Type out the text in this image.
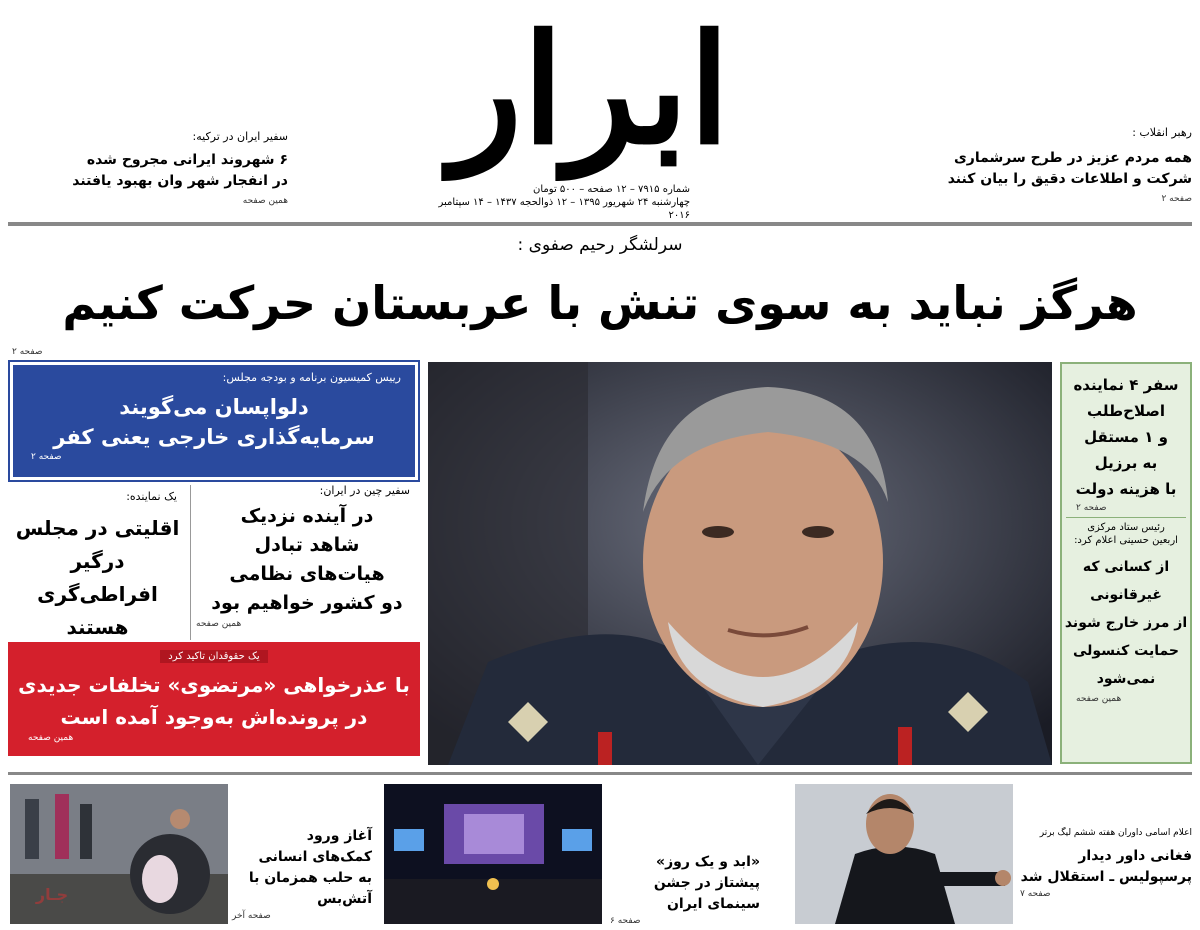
ابرار
شماره ۷۹۱۵ – ۱۲ صفحه – ۵۰۰ تومان
چهارشنبه ۲۴ شهریور ۱۳۹۵ – ۱۲ ذوالحجه ۱۴۳۷ – ۱۴ سپتامبر ۲۰۱۶
رهبر انقلاب :
همه مردم عزیز در طرح سرشماری
شرکت و اطلاعات دقیق را بیان کنند
صفحه ۲
سفیر ایران در ترکیه:
۶ شهروند ایرانی مجروح شده
در انفجار شهر وان بهبود یافتند
همین صفحه
سرلشگر رحیم صفوی :
هرگز نباید به سوی تنش با عربستان حرکت کنیم
صفحه ۲
رییس کمیسیون برنامه و بودجه مجلس:
دلواپسان می‌گویند
سرمایه‌گذاری خارجی یعنی کفر
صفحه ۲
یک نماینده:
اقلیتی در مجلس
درگیر افراطی‌گری
هستند
سفیر چین در ایران:
در آینده نزدیک
شاهد تبادل
هیات‌های نظامی
دو کشور خواهیم بود
همین صفحه
یک حقوقدان تاکید کرد
با عذرخواهی «مرتضوی» تخلفات جدیدی
در پرونده‌اش به‌وجود آمده است
همین صفحه
سفر ۴ نماینده
اصلاح‌طلب
و ۱ مستقل
به برزیل
با هزینه دولت
صفحه ۲
رئیس ستاد مرکزی
اربعین حسینی اعلام کرد:
از کسانی که
غیرقانونی
از مرز خارج شوند
حمایت کنسولی
نمی‌شود
همین صفحه
جـار
آغاز ورود
کمک‌های انسانی
به حلب همزمان با
آتش‌بس
صفحه آخر
«ابد و یک روز»
پیشتاز در جشن
سینمای ایران
صفحه ۶
اعلام اسامی داوران هفته ششم لیگ برتر
فغانی داور دیدار
پرسپولیس ـ استقلال شد
صفحه ۷
